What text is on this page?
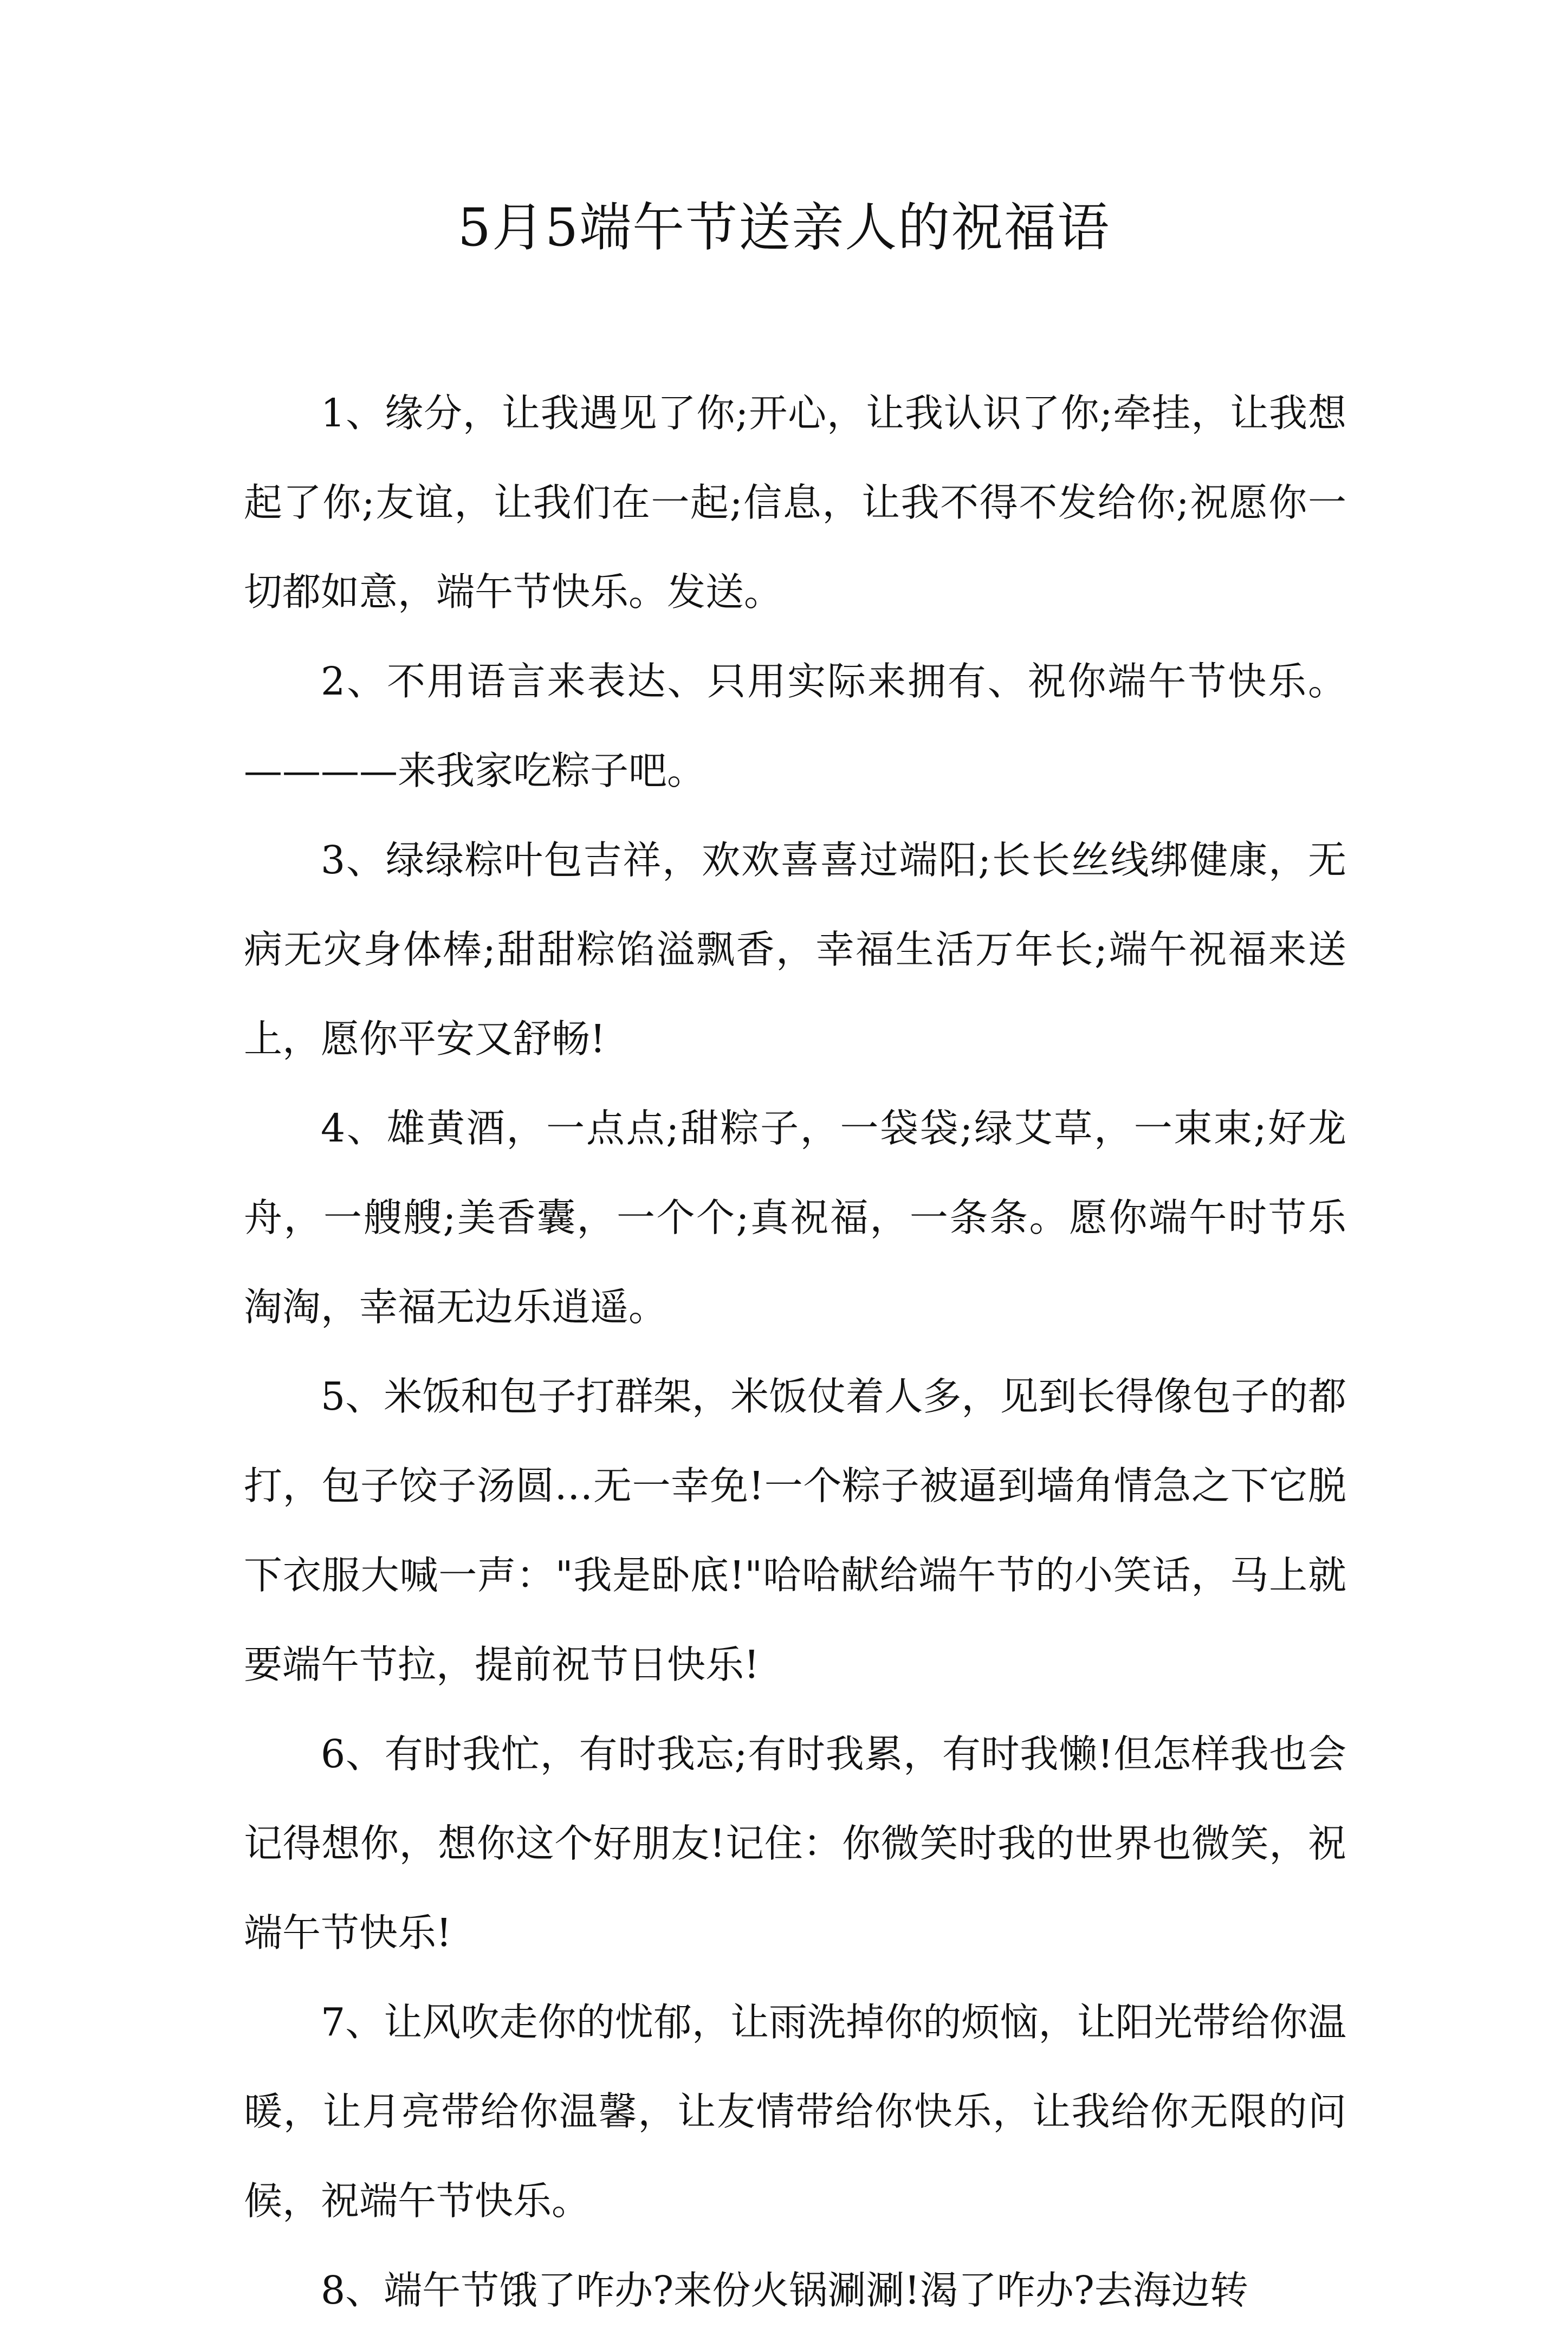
5月5端午节送亲人的祝福语

1、缘分，让我遇见了你;开心，让我认识了你;牵挂，让我想起了你;友谊，让我们在一起;信息，让我不得不发给你;祝愿你一切都如意，端午节快乐。发送。

2、不用语言来表达、只用实际来拥有、祝你端午节快乐。————来我家吃粽子吧。

3、绿绿粽叶包吉祥，欢欢喜喜过端阳;长长丝线绑健康，无病无灾身体棒;甜甜粽馅溢飘香，幸福生活万年长;端午祝福来送上，愿你平安又舒畅!

4、雄黄酒，一点点;甜粽子，一袋袋;绿艾草，一束束;好龙舟，一艘艘;美香囊，一个个;真祝福，一条条。愿你端午时节乐淘淘，幸福无边乐逍遥。

5、米饭和包子打群架，米饭仗着人多，见到长得像包子的都打，包子饺子汤圆…无一幸免!一个粽子被逼到墙角情急之下它脱下衣服大喊一声："我是卧底!"哈哈献给端午节的小笑话，马上就要端午节拉，提前祝节日快乐!

6、有时我忙，有时我忘;有时我累，有时我懒!但怎样我也会记得想你，想你这个好朋友!记住：你微笑时我的世界也微笑，祝端午节快乐!

7、让风吹走你的忧郁，让雨洗掉你的烦恼，让阳光带给你温暖，让月亮带给你温馨，让友情带给你快乐，让我给你无限的问候，祝端午节快乐。

8、端午节饿了咋办?来份火锅涮涮!渴了咋办?去海边转
